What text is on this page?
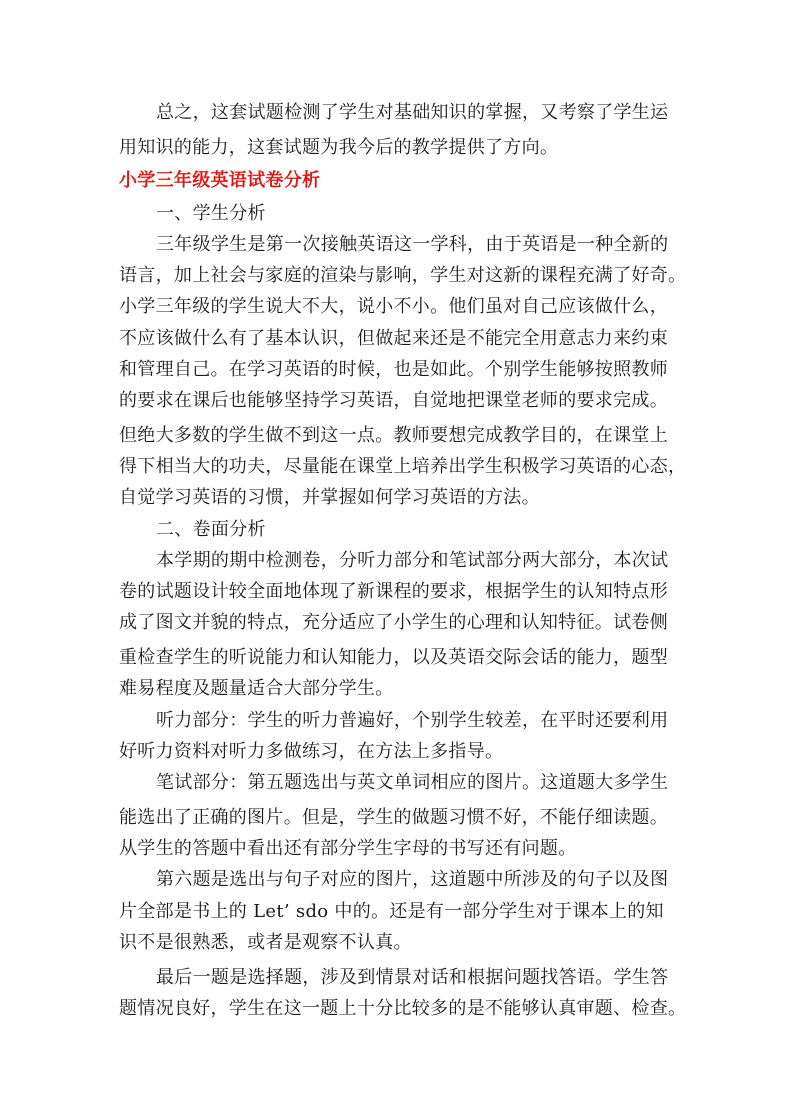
总之，这套试题检测了学生对基础知识的掌握，又考察了学生运
用知识的能力，这套试题为我今后的教学提供了方向。
小学三年级英语试卷分析
一、学生分析
三年级学生是第一次接触英语这一学科，由于英语是一种全新的
语言，加上社会与家庭的渲染与影响，学生对这新的课程充满了好奇。
小学三年级的学生说大不大，说小不小。他们虽对自己应该做什么，
不应该做什么有了基本认识，但做起来还是不能完全用意志力来约束
和管理自己。在学习英语的时候，也是如此。个别学生能够按照教师
的要求在课后也能够坚持学习英语，自觉地把课堂老师的要求完成。
但绝大多数的学生做不到这一点。教师要想完成教学目的，在课堂上
得下相当大的功夫，尽量能在课堂上培养出学生积极学习英语的心态，
自觉学习英语的习惯，并掌握如何学习英语的方法。
二、卷面分析
本学期的期中检测卷，分听力部分和笔试部分两大部分，本次试
卷的试题设计较全面地体现了新课程的要求，根据学生的认知特点形
成了图文并貌的特点，充分适应了小学生的心理和认知特征。试卷侧
重检查学生的听说能力和认知能力，以及英语交际会话的能力，题型
难易程度及题量适合大部分学生。
听力部分：学生的听力普遍好，个别学生较差，在平时还要利用
好听力资料对听力多做练习，在方法上多指导。
笔试部分：第五题选出与英文单词相应的图片。这道题大多学生
能选出了正确的图片。但是，学生的做题习惯不好，不能仔细读题。
从学生的答题中看出还有部分学生字母的书写还有问题。
第六题是选出与句子对应的图片，这道题中所涉及的句子以及图
片全部是书上的 Let’ sdo 中的。还是有一部分学生对于课本上的知
识不是很熟悉，或者是观察不认真。
最后一题是选择题，涉及到情景对话和根据问题找答语。学生答
题情况良好，学生在这一题上十分比较多的是不能够认真审题、检查。
